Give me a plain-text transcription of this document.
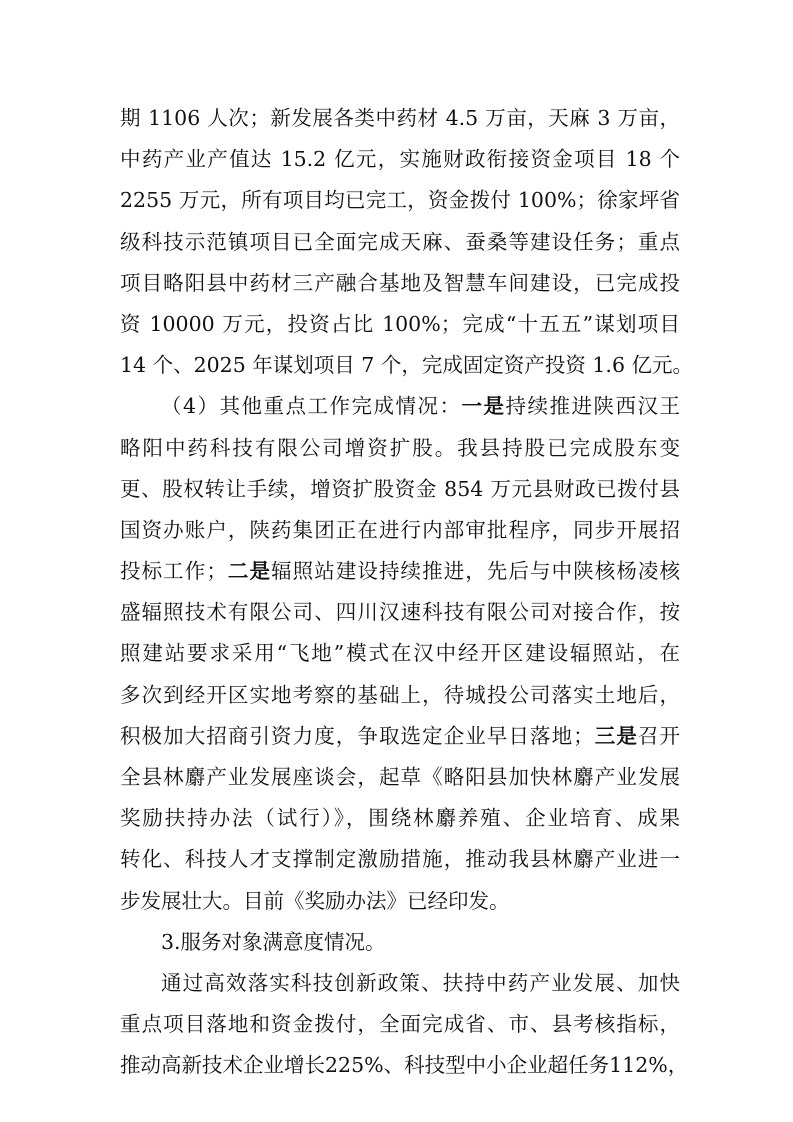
期 1106 人次；新发展各类中药材 4.5 万亩，天麻 3 万亩，
中药产业产值达 15.2 亿元，实施财政衔接资金项目 18 个
2255 万元，所有项目均已完工，资金拨付 100%；徐家坪省
级科技示范镇项目已全面完成天麻、蚕桑等建设任务；重点
项目略阳县中药材三产融合基地及智慧车间建设，已完成投
资 10000 万元，投资占比 100%；完成“十五五”谋划项目
14 个、2025 年谋划项目 7 个，完成固定资产投资 1.6 亿元。
（4）其他重点工作完成情况：一是持续推进陕西汉王
略阳中药科技有限公司增资扩股。我县持股已完成股东变
更、股权转让手续，增资扩股资金 854 万元县财政已拨付县
国资办账户，陕药集团正在进行内部审批程序，同步开展招
投标工作；二是辐照站建设持续推进，先后与中陕核杨凌核
盛辐照技术有限公司、四川汉速科技有限公司对接合作，按
照建站要求采用“飞地”模式在汉中经开区建设辐照站，在
多次到经开区实地考察的基础上，待城投公司落实土地后，
积极加大招商引资力度，争取选定企业早日落地；三是召开
全县林麝产业发展座谈会，起草《略阳县加快林麝产业发展
奖励扶持办法（试行）》，围绕林麝养殖、企业培育、成果
转化、科技人才支撑制定激励措施，推动我县林麝产业进一
步发展壮大。目前《奖励办法》已经印发。
3.服务对象满意度情况。
通过高效落实科技创新政策、扶持中药产业发展、加快
重点项目落地和资金拨付，全面完成省、市、县考核指标，
推动高新技术企业增长225%、科技型中小企业超任务112%，
